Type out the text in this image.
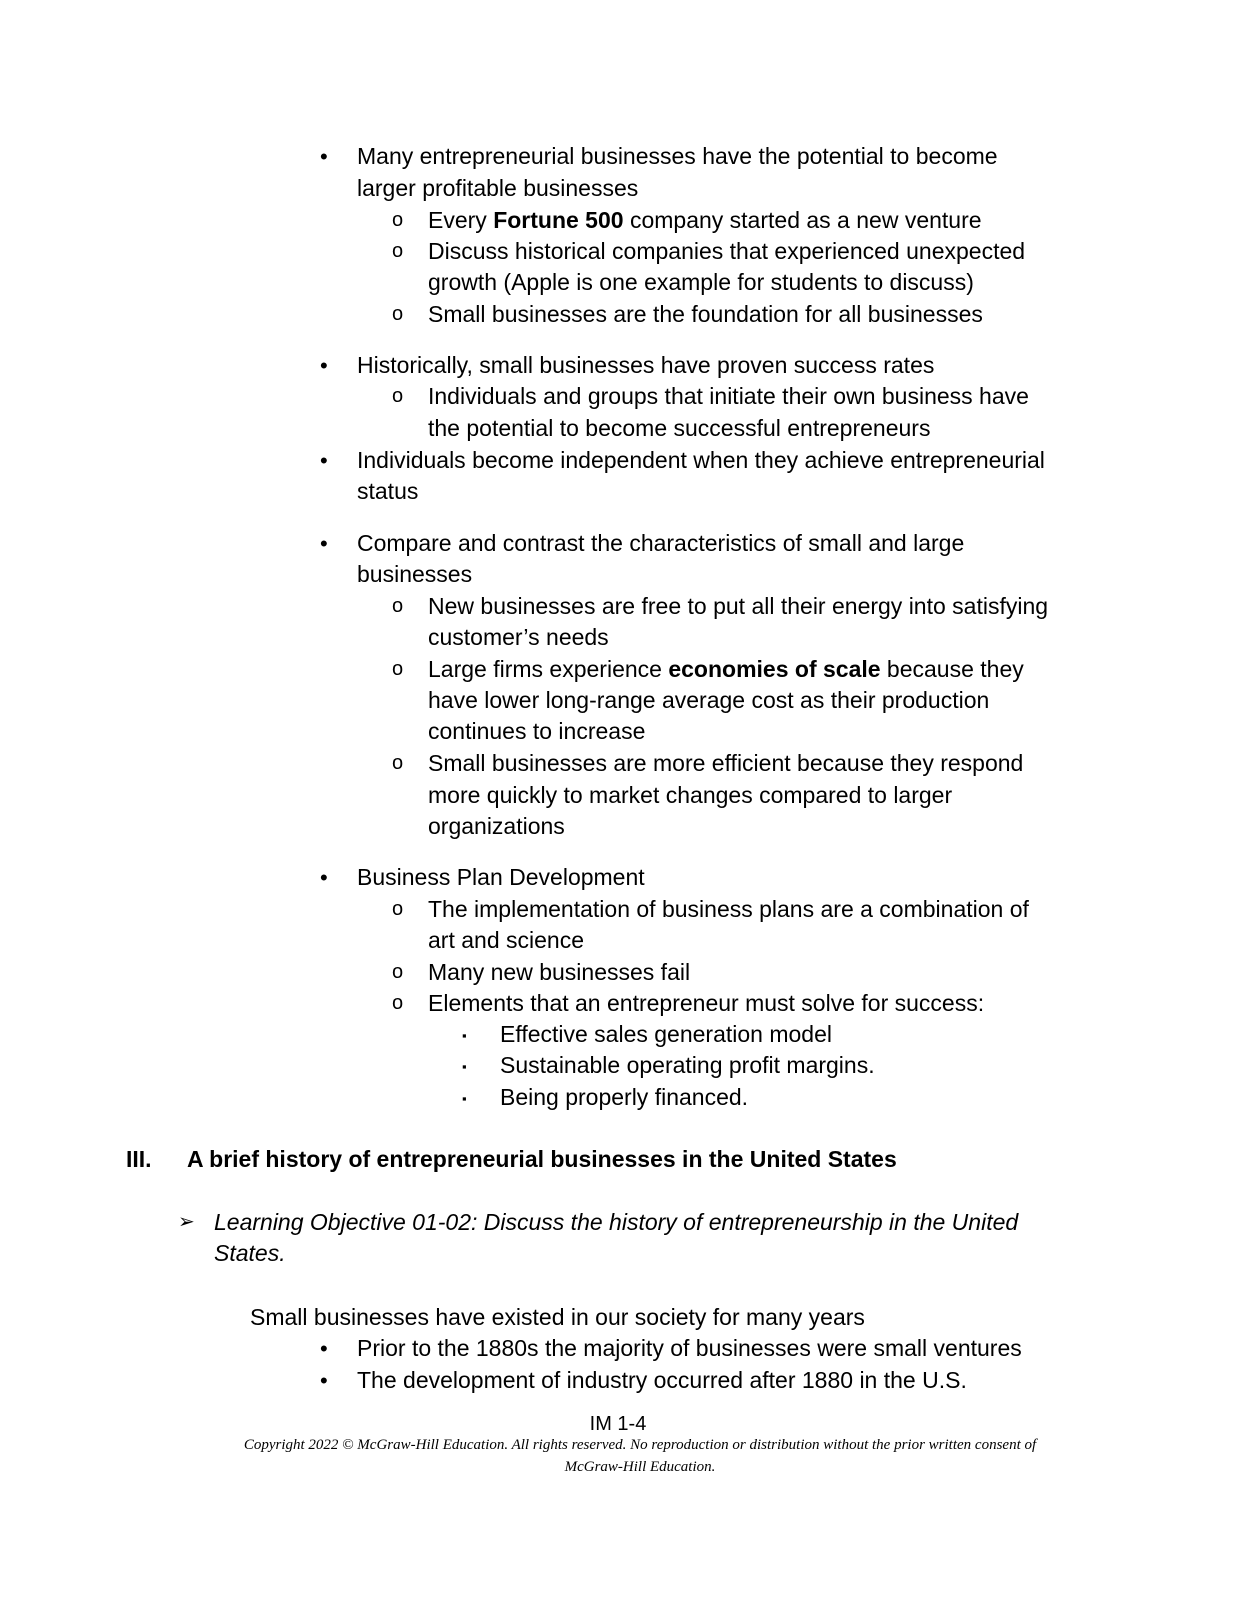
• Many entrepreneurial businesses have the potential to become
larger profitable businesses
o Every Fortune 500 company started as a new venture
o Discuss historical companies that experienced unexpected
growth (Apple is one example for students to discuss)
o Small businesses are the foundation for all businesses
• Historically, small businesses have proven success rates
o Individuals and groups that initiate their own business have
the potential to become successful entrepreneurs
• Individuals become independent when they achieve entrepreneurial
status
• Compare and contrast the characteristics of small and large
businesses
o New businesses are free to put all their energy into satisfying
customer’s needs
o Large firms experience economies of scale because they
have lower long-range average cost as their production
continues to increase
o Small businesses are more efficient because they respond
more quickly to market changes compared to larger
organizations
• Business Plan Development
o The implementation of business plans are a combination of
art and science
o Many new businesses fail
o Elements that an entrepreneur must solve for success:
▪ Effective sales generation model
▪ Sustainable operating profit margins.
▪ Being properly financed.
III. A brief history of entrepreneurial businesses in the United States
➢ Learning Objective 01-02: Discuss the history of entrepreneurship in the United
States.
Small businesses have existed in our society for many years
• Prior to the 1880s the majority of businesses were small ventures
• The development of industry occurred after 1880 in the U.S.
IM 1-4
Copyright 2022 © McGraw-Hill Education. All rights reserved. No reproduction or distribution without the prior written consent of
McGraw-Hill Education.
